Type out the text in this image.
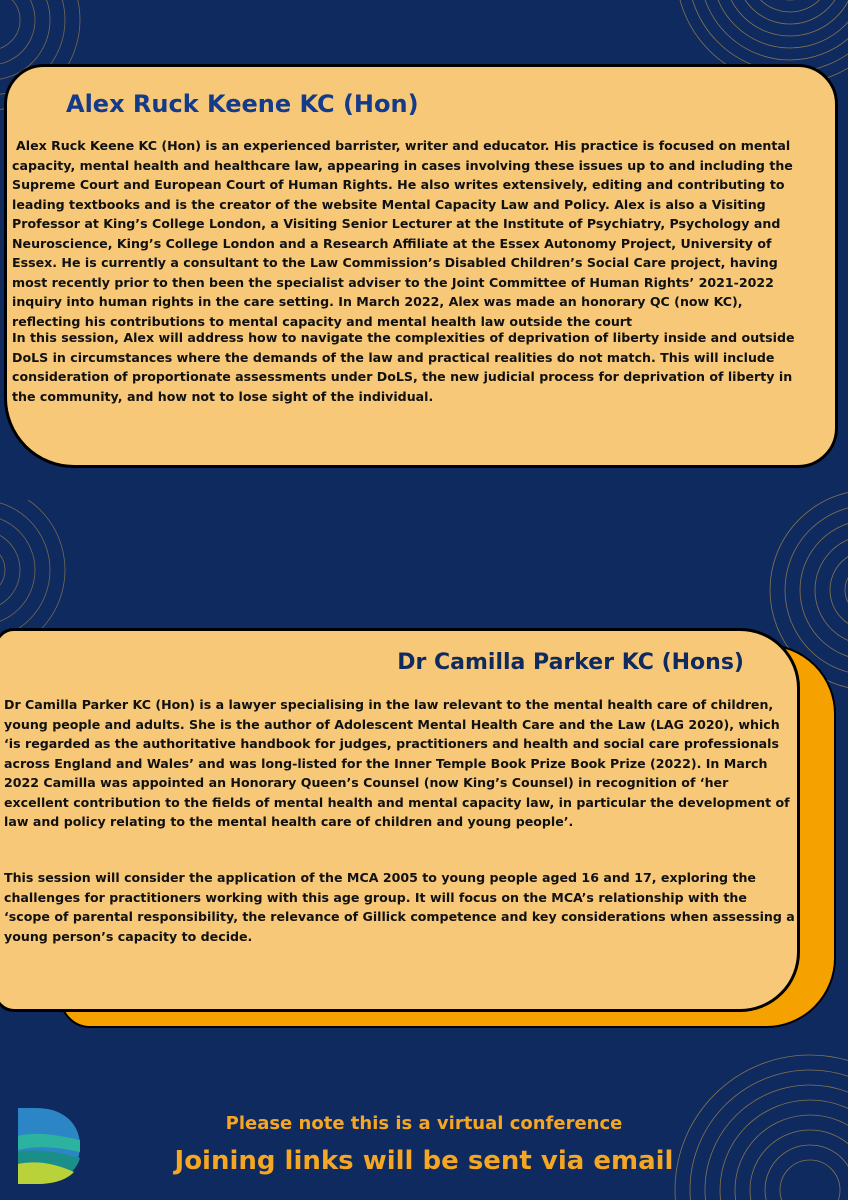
Alex Ruck Keene KC (Hon)

Alex Ruck Keene KC (Hon) is an experienced barrister, writer and educator. His practice is focused on mental capacity, mental health and healthcare law, appearing in cases involving these issues up to and including the Supreme Court and European Court of Human Rights. He also writes extensively, editing and contributing to leading textbooks and is the creator of the website Mental Capacity Law and Policy. Alex is also a Visiting Professor at King’s College London, a Visiting Senior Lecturer at the Institute of Psychiatry, Psychology and Neuroscience, King’s College London and a Research Affiliate at the Essex Autonomy Project, University of Essex. He is currently a consultant to the Law Commission’s Disabled Children’s Social Care project, having most recently prior to then been the specialist adviser to the Joint Committee of Human Rights’ 2021-2022 inquiry into human rights in the care setting. In March 2022, Alex was made an honorary QC (now KC), reflecting his contributions to mental capacity and mental health law outside the court

In this session, Alex will address how to navigate the complexities of deprivation of liberty inside and outside DoLS in circumstances where the demands of the law and practical realities do not match. This will include consideration of proportionate assessments under DoLS, the new judicial process for deprivation of liberty in the community, and how not to lose sight of the individual.

Dr Camilla Parker KC (Hons)

Dr Camilla Parker KC (Hon) is a lawyer specialising in the law relevant to the mental health care of children, young people and adults. She is the author of Adolescent Mental Health Care and the Law (LAG 2020), which ‘is regarded as the authoritative handbook for judges, practitioners and health and social care professionals across England and Wales’ and was long-listed for the Inner Temple Book Prize Book Prize (2022). In March 2022 Camilla was appointed an Honorary Queen’s Counsel (now King’s Counsel) in recognition of ‘her excellent contribution to the fields of mental health and mental capacity law, in particular the development of law and policy relating to the mental health care of children and young people’.

This session will consider the application of the MCA 2005 to young people aged 16 and 17, exploring the challenges for practitioners working with this age group. It will focus on the MCA’s relationship with the ‘scope of parental responsibility, the relevance of Gillick competence and key considerations when assessing a young person’s capacity to decide.

Please note this is a virtual conference

Joining links will be sent via email
